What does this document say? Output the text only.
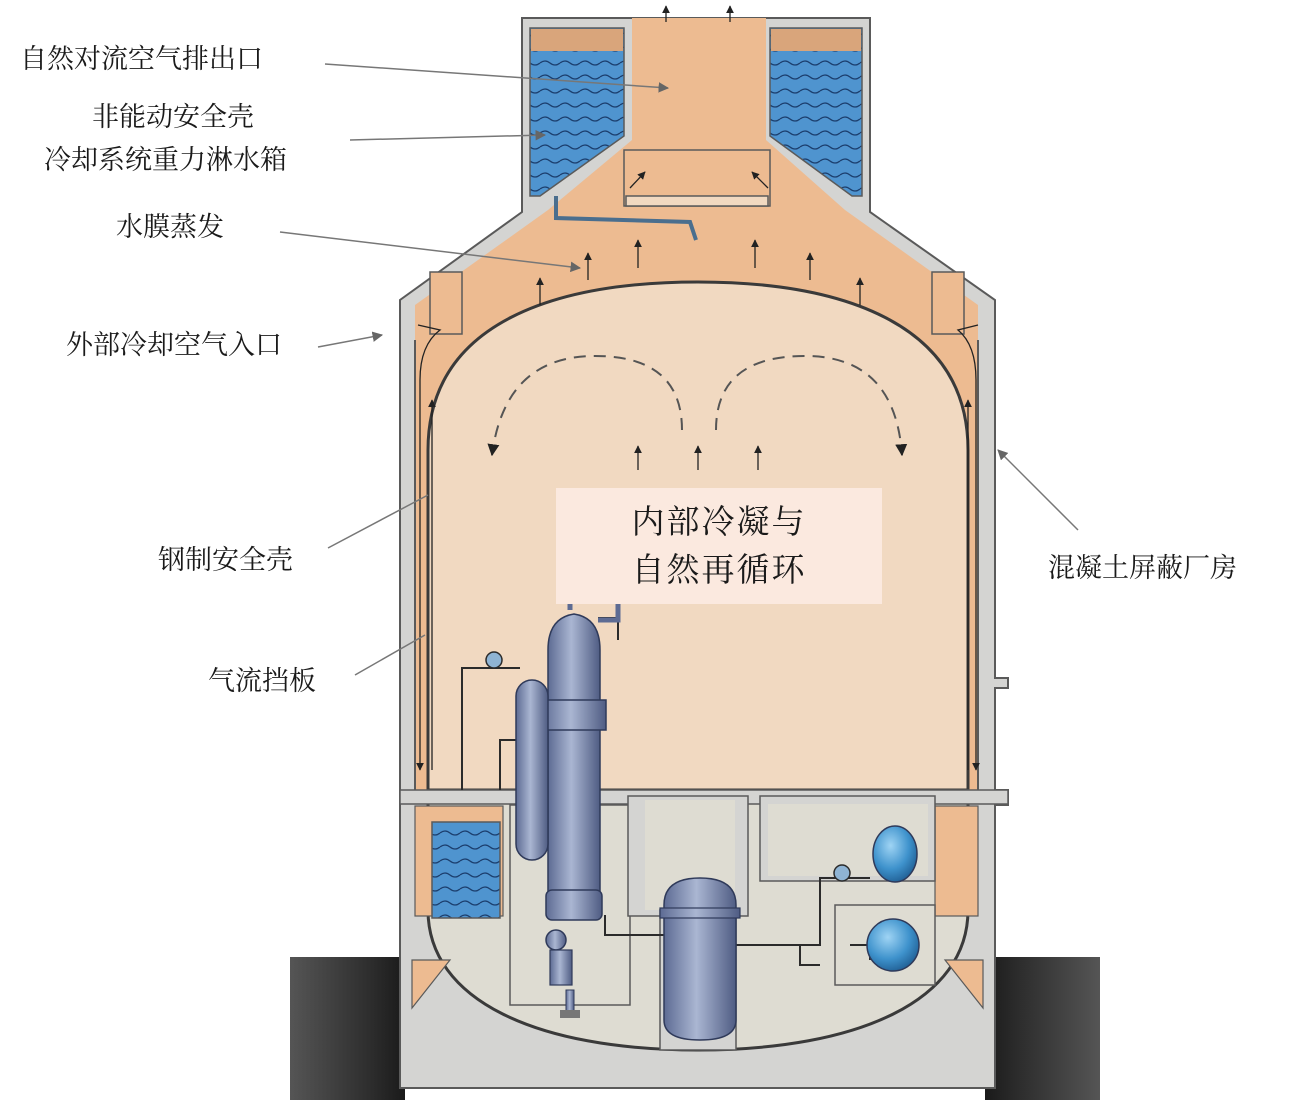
自然对流空气排出口
非能动安全壳
冷却系统重力淋水箱
水膜蒸发
外部冷却空气入口
钢制安全壳
气流挡板
混凝土屏蔽厂房
内部冷凝与
自然再循环
